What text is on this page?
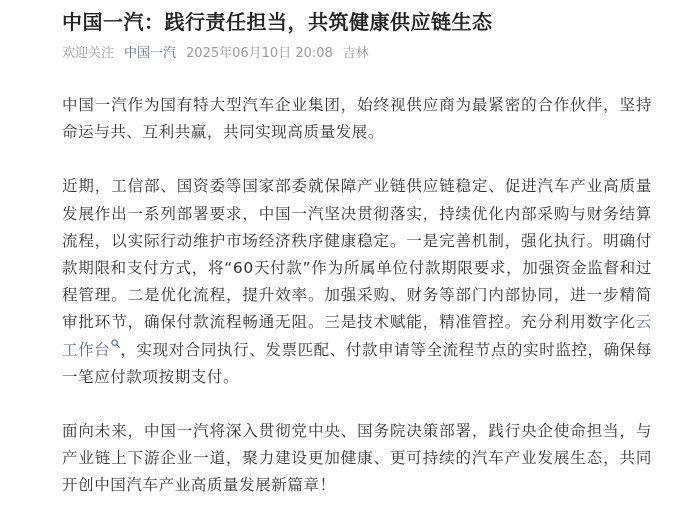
中国一汽：践行责任担当，共筑健康供应链生态
欢迎关注 中国一汽 2025年06月10日 20:08 吉林

中国一汽作为国有特大型汽车企业集团，始终视供应商为最紧密的合作伙伴，坚持命运与共、互利共赢，共同实现高质量发展。

近期，工信部、国资委等国家部委就保障产业链供应链稳定、促进汽车产业高质量发展作出一系列部署要求，中国一汽坚决贯彻落实，持续优化内部采购与财务结算流程，以实际行动维护市场经济秩序健康稳定。一是完善机制，强化执行。明确付款期限和支付方式，将“60天付款”作为所属单位付款期限要求，加强资金监督和过程管理。二是优化流程，提升效率。加强采购、财务等部门内部协同，进一步精简审批环节，确保付款流程畅通无阻。三是技术赋能，精准管控。充分利用数字化云工作台 ，实现对合同执行、发票匹配、付款申请等全流程节点的实时监控，确保每一笔应付款项按期支付。

面向未来，中国一汽将深入贯彻党中央、国务院决策部署，践行央企使命担当，与产业链上下游企业一道，聚力建设更加健康、更可持续的汽车产业发展生态，共同开创中国汽车产业高质量发展新篇章！
